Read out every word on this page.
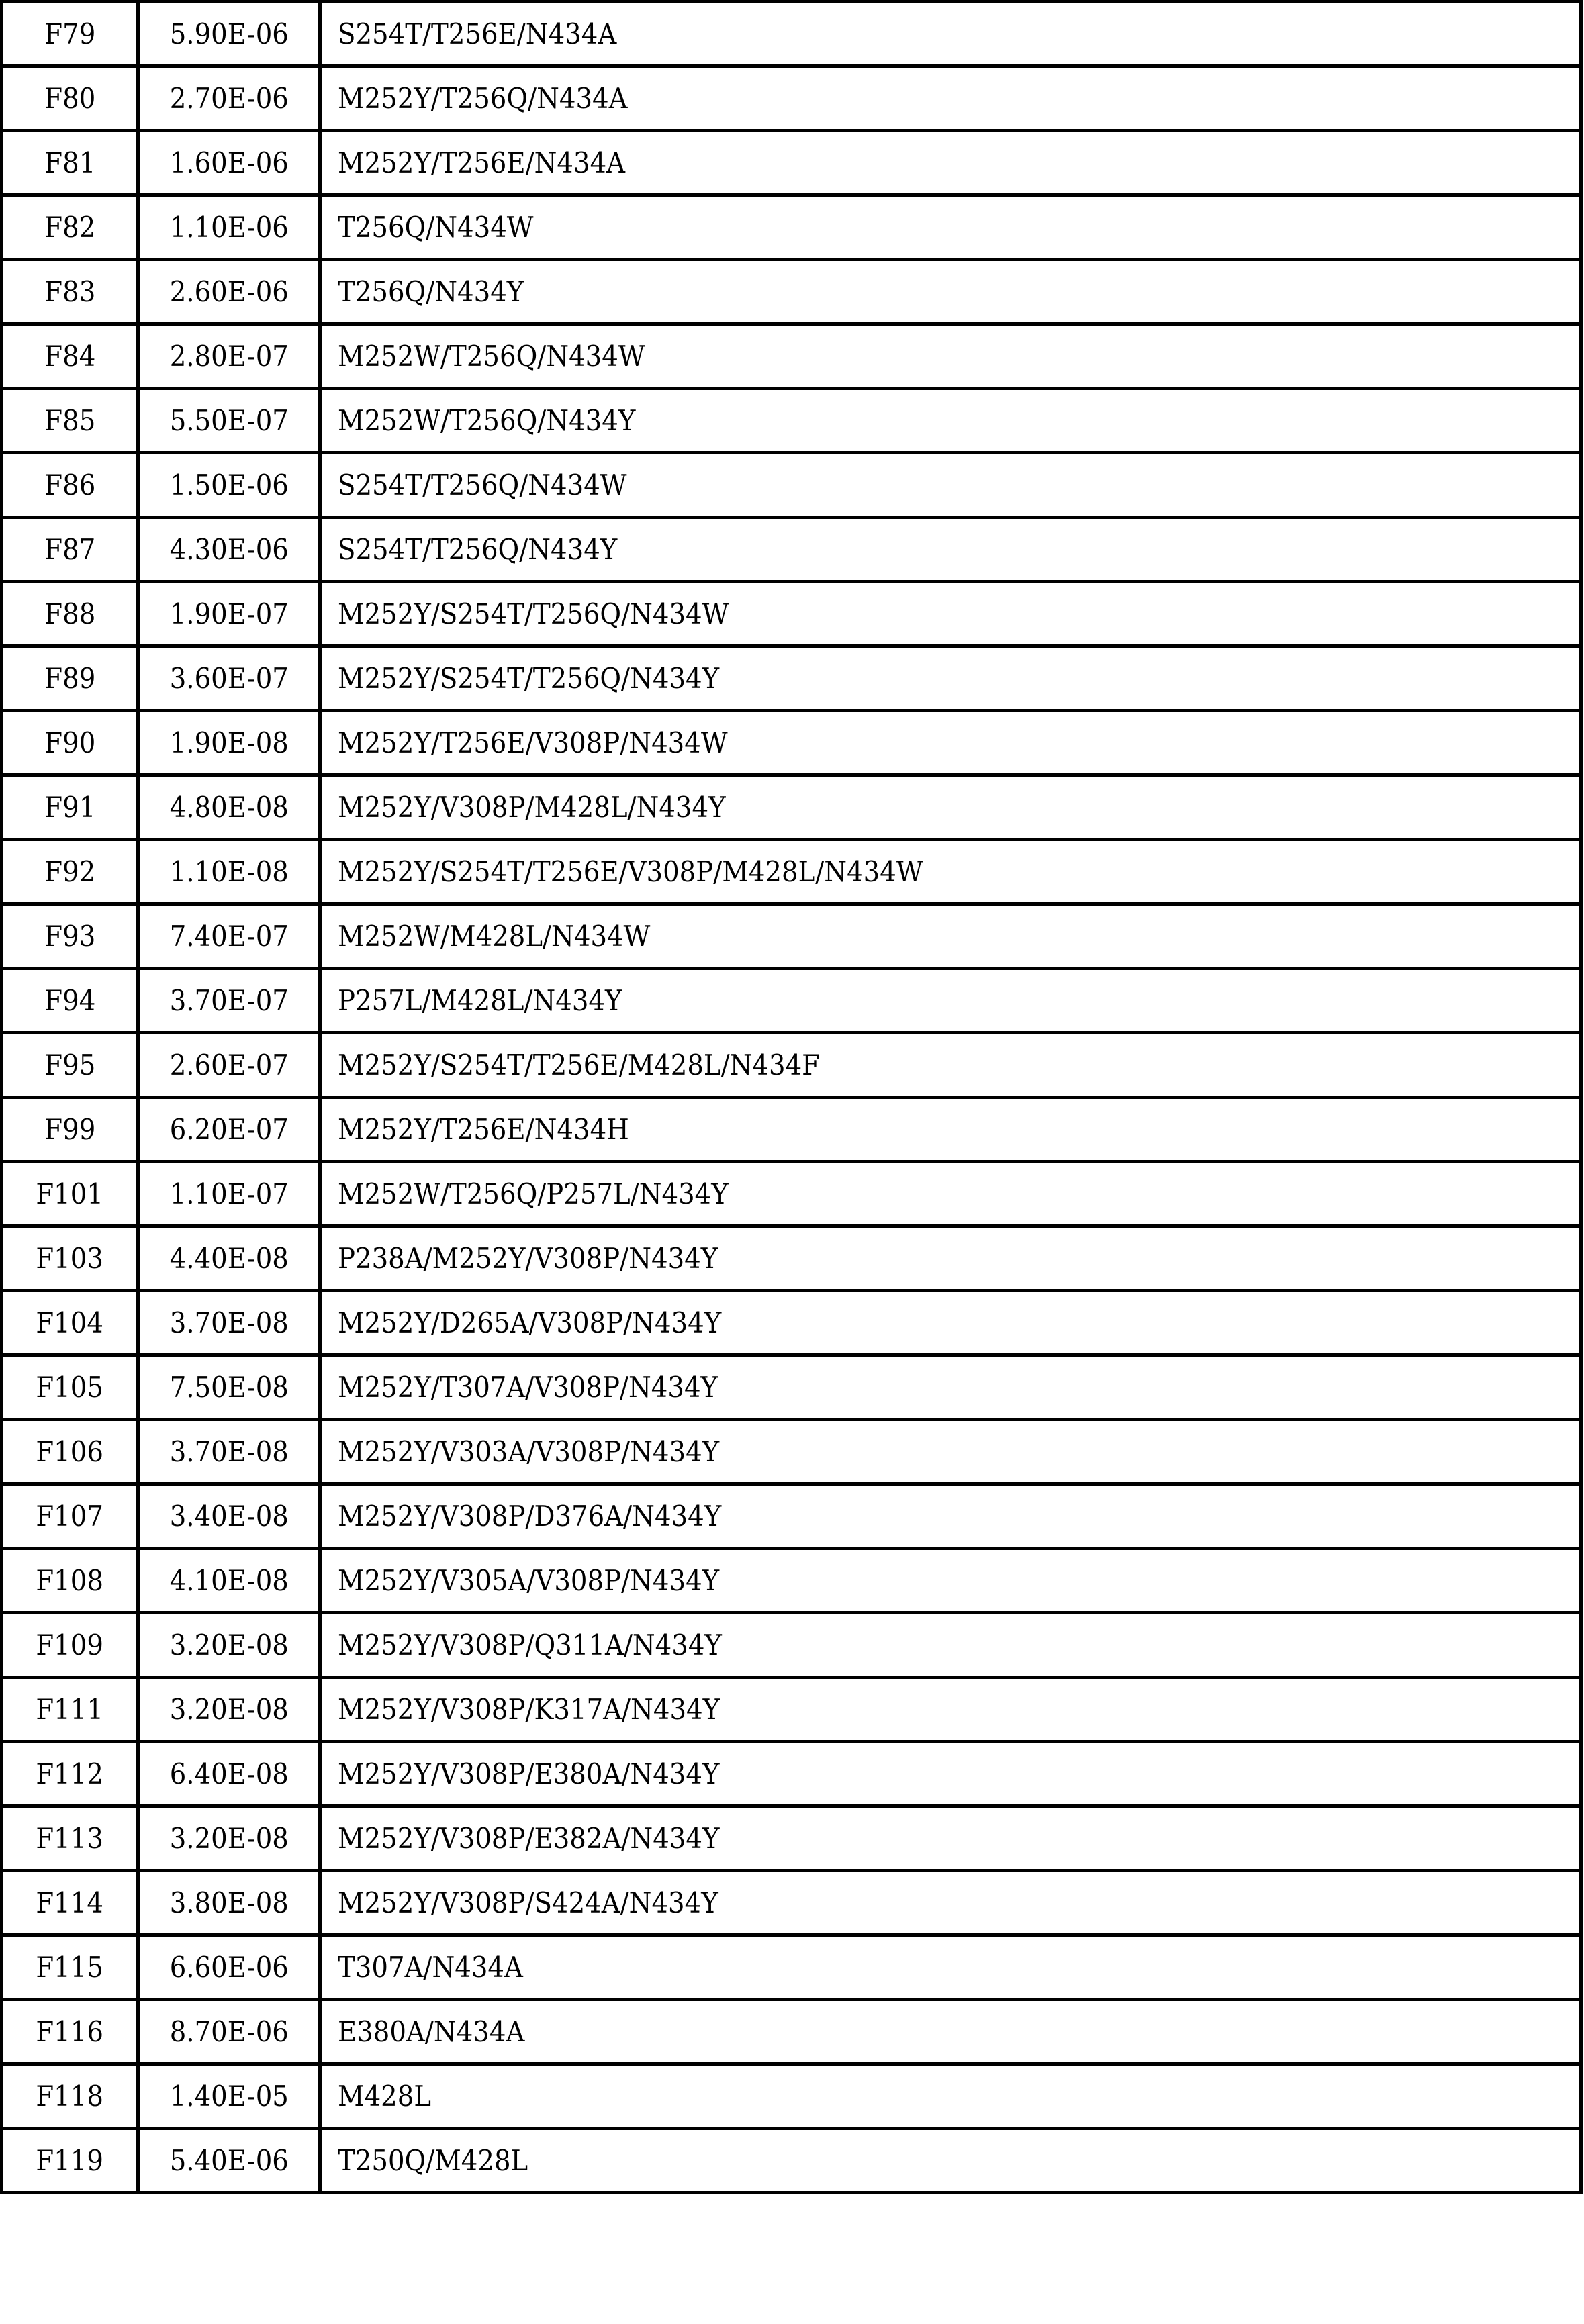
F79	5.90E-06	S254T/T256E/N434A
F80	2.70E-06	M252Y/T256Q/N434A
F81	1.60E-06	M252Y/T256E/N434A
F82	1.10E-06	T256Q/N434W
F83	2.60E-06	T256Q/N434Y
F84	2.80E-07	M252W/T256Q/N434W
F85	5.50E-07	M252W/T256Q/N434Y
F86	1.50E-06	S254T/T256Q/N434W
F87	4.30E-06	S254T/T256Q/N434Y
F88	1.90E-07	M252Y/S254T/T256Q/N434W
F89	3.60E-07	M252Y/S254T/T256Q/N434Y
F90	1.90E-08	M252Y/T256E/V308P/N434W
F91	4.80E-08	M252Y/V308P/M428L/N434Y
F92	1.10E-08	M252Y/S254T/T256E/V308P/M428L/N434W
F93	7.40E-07	M252W/M428L/N434W
F94	3.70E-07	P257L/M428L/N434Y
F95	2.60E-07	M252Y/S254T/T256E/M428L/N434F
F99	6.20E-07	M252Y/T256E/N434H
F101	1.10E-07	M252W/T256Q/P257L/N434Y
F103	4.40E-08	P238A/M252Y/V308P/N434Y
F104	3.70E-08	M252Y/D265A/V308P/N434Y
F105	7.50E-08	M252Y/T307A/V308P/N434Y
F106	3.70E-08	M252Y/V303A/V308P/N434Y
F107	3.40E-08	M252Y/V308P/D376A/N434Y
F108	4.10E-08	M252Y/V305A/V308P/N434Y
F109	3.20E-08	M252Y/V308P/Q311A/N434Y
F111	3.20E-08	M252Y/V308P/K317A/N434Y
F112	6.40E-08	M252Y/V308P/E380A/N434Y
F113	3.20E-08	M252Y/V308P/E382A/N434Y
F114	3.80E-08	M252Y/V308P/S424A/N434Y
F115	6.60E-06	T307A/N434A
F116	8.70E-06	E380A/N434A
F118	1.40E-05	M428L
F119	5.40E-06	T250Q/M428L
